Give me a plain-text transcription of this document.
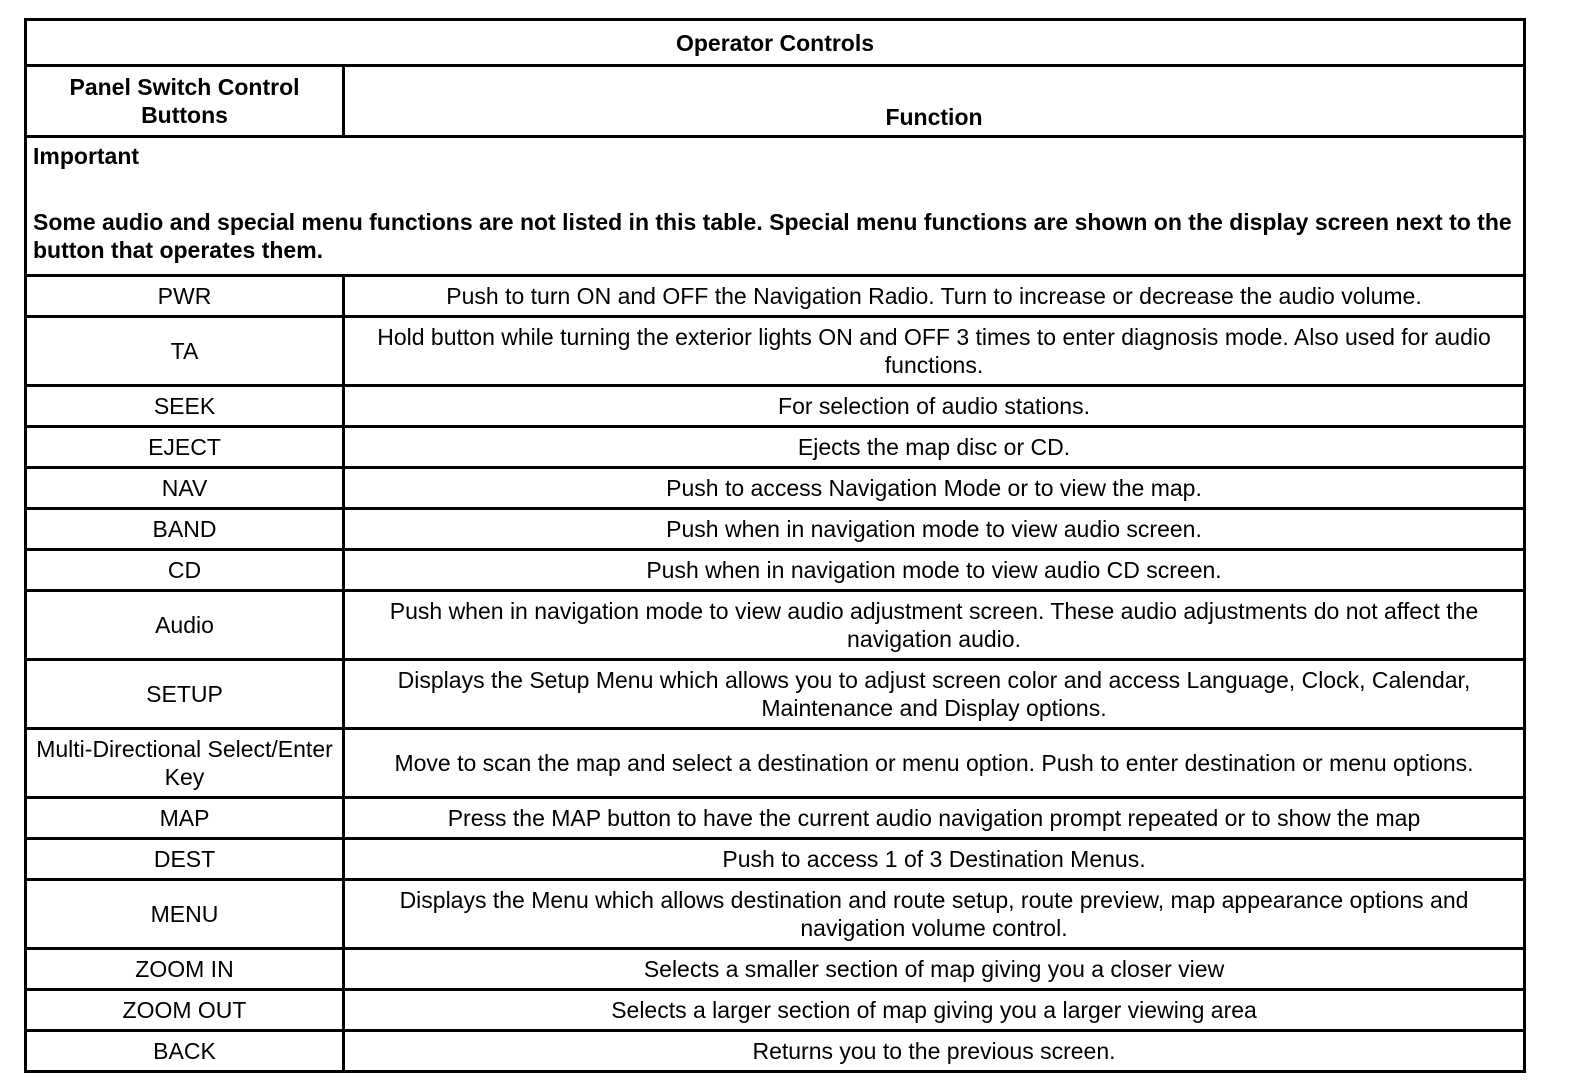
Operator Controls	
Panel Switch Control Buttons	Function

Important
Some audio and special menu functions are not listed in this table. Special menu functions are shown on the display screen next to the button that operates them.	
PWR	Push to turn ON and OFF the Navigation Radio. Turn to increase or decrease the audio volume.
TA	Hold button while turning the exterior lights ON and OFF 3 times to enter diagnosis mode. Also used for audio functions.
SEEK	For selection of audio stations.
EJECT	Ejects the map disc or CD.
NAV	Push to access Navigation Mode or to view the map.
BAND	Push when in navigation mode to view audio screen.
CD	Push when in navigation mode to view audio CD screen.
Audio	Push when in navigation mode to view audio adjustment screen. These audio adjustments do not affect the navigation audio.
SETUP	Displays the Setup Menu which allows you to adjust screen color and access Language, Clock, Calendar, Maintenance and Display options.
Multi-Directional Select/Enter Key	Move to scan the map and select a destination or menu option. Push to enter destination or menu options.
MAP	Press the MAP button to have the current audio navigation prompt repeated or to show the map
DEST	Push to access 1 of 3 Destination Menus.
MENU	Displays the Menu which allows destination and route setup, route preview, map appearance options and navigation volume control.
ZOOM IN	Selects a smaller section of map giving you a closer view
ZOOM OUT	Selects a larger section of map giving you a larger viewing area
BACK	Returns you to the previous screen.
